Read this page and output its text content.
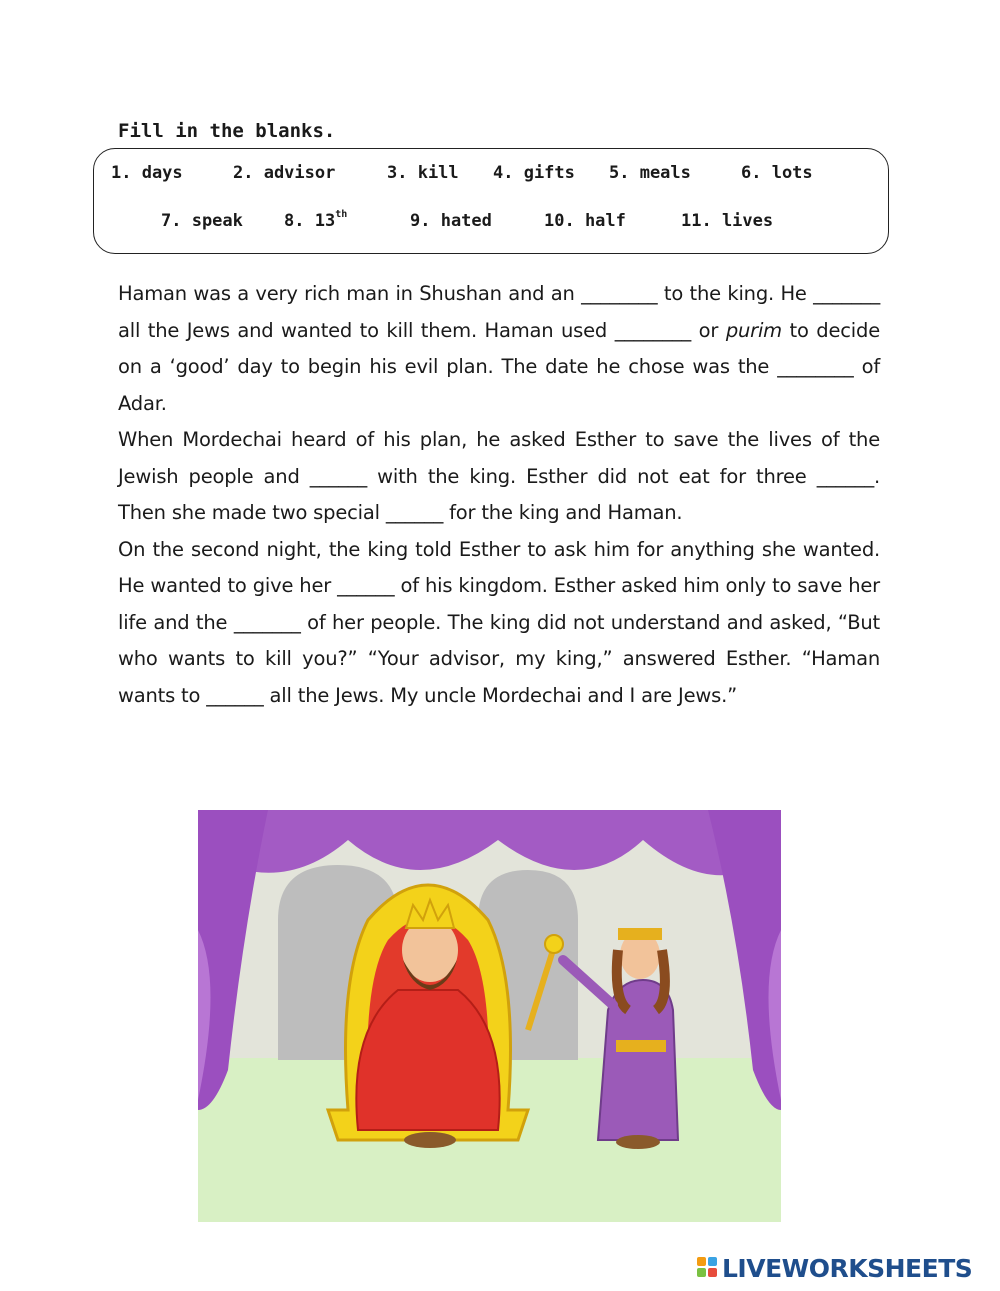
Fill in the blanks.
1. days	2. advisor	3. kill 4. gifts 5. meals	6. lots
7. speak 8. 13th	9. hated	10. half	11. lives

Haman was a very rich man in Shushan and an ________ to the king. He _______ all the Jews and wanted to kill them. Haman used ________ or purim to decide on a ‘good’ day to begin his evil plan. The date he chose was the ________ of Adar.

When Mordechai heard of his plan, he asked Esther to save the lives of the Jewish people and ______ with the king. Esther did not eat for three ______. Then she made two special ______ for the king and Haman.

On the second night, the king told Esther to ask him for anything she wanted. He wanted to give her ______ of his kingdom. Esther asked him only to save her life and the _______ of her people. The king did not understand and asked, “But who wants to kill you?” “Your advisor, my king,” answered Esther. “Haman wants to ______ all the Jews. My uncle Mordechai and I are Jews.”

LIVEWORKSHEETS
